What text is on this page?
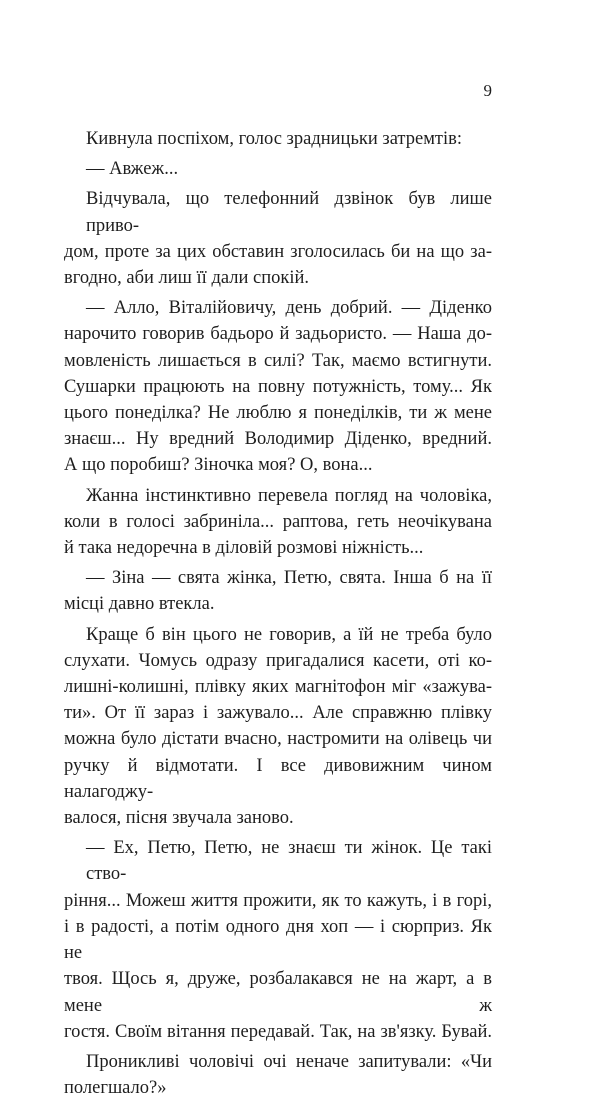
9

Кивнула поспіхом, голос зрадницьки затремтів:

— Авжеж...

Відчувала, що телефонний дзвінок був лише приво-
дом, проте за цих обставин зголосилась би на що за-
вгодно, аби лиш її дали спокій.

— Алло, Віталійовичу, день добрий. — Діденко
нарочито говорив бадьоро й задьористо. — Наша до-
мовленість лишається в силі? Так, маємо встигнути.
Сушарки працюють на повну потужність, тому... Як
цього понеділка? Не люблю я понеділків, ти ж мене
знаєш... Ну вредний Володимир Діденко, вредний.
А що поробиш? Зіночка моя? О, вона...

Жанна інстинктивно перевела погляд на чоловіка,
коли в голосі забриніла... раптова, геть неочікувана
й така недоречна в діловій розмові ніжність...

— Зіна — свята жінка, Петю, свята. Інша б на її
місці давно втекла.

Краще б він цього не говорив, а їй не треба було
слухати. Чомусь одразу пригадалися касети, оті ко-
лишні-колишні, плівку яких магнітофон міг «зажува-
ти». От її зараз і зажувало... Але справжню плівку
можна було дістати вчасно, настромити на олівець чи
ручку й відмотати. І все дивовижним чином налагоджу-
валося, пісня звучала заново.

— Ех, Петю, Петю, не знаєш ти жінок. Це такі ство-
ріння... Можеш життя прожити, як то кажуть, і в горі,
і в радості, а потім одного дня хоп — і сюрприз. Як не
твоя. Щось я, друже, розбалакався не на жарт, а в мене ж
гостя. Своїм вітання передавай. Так, на зв'язку. Бувай.

Проникливі чоловічі очі неначе запитували: «Чи
полегшало?»
